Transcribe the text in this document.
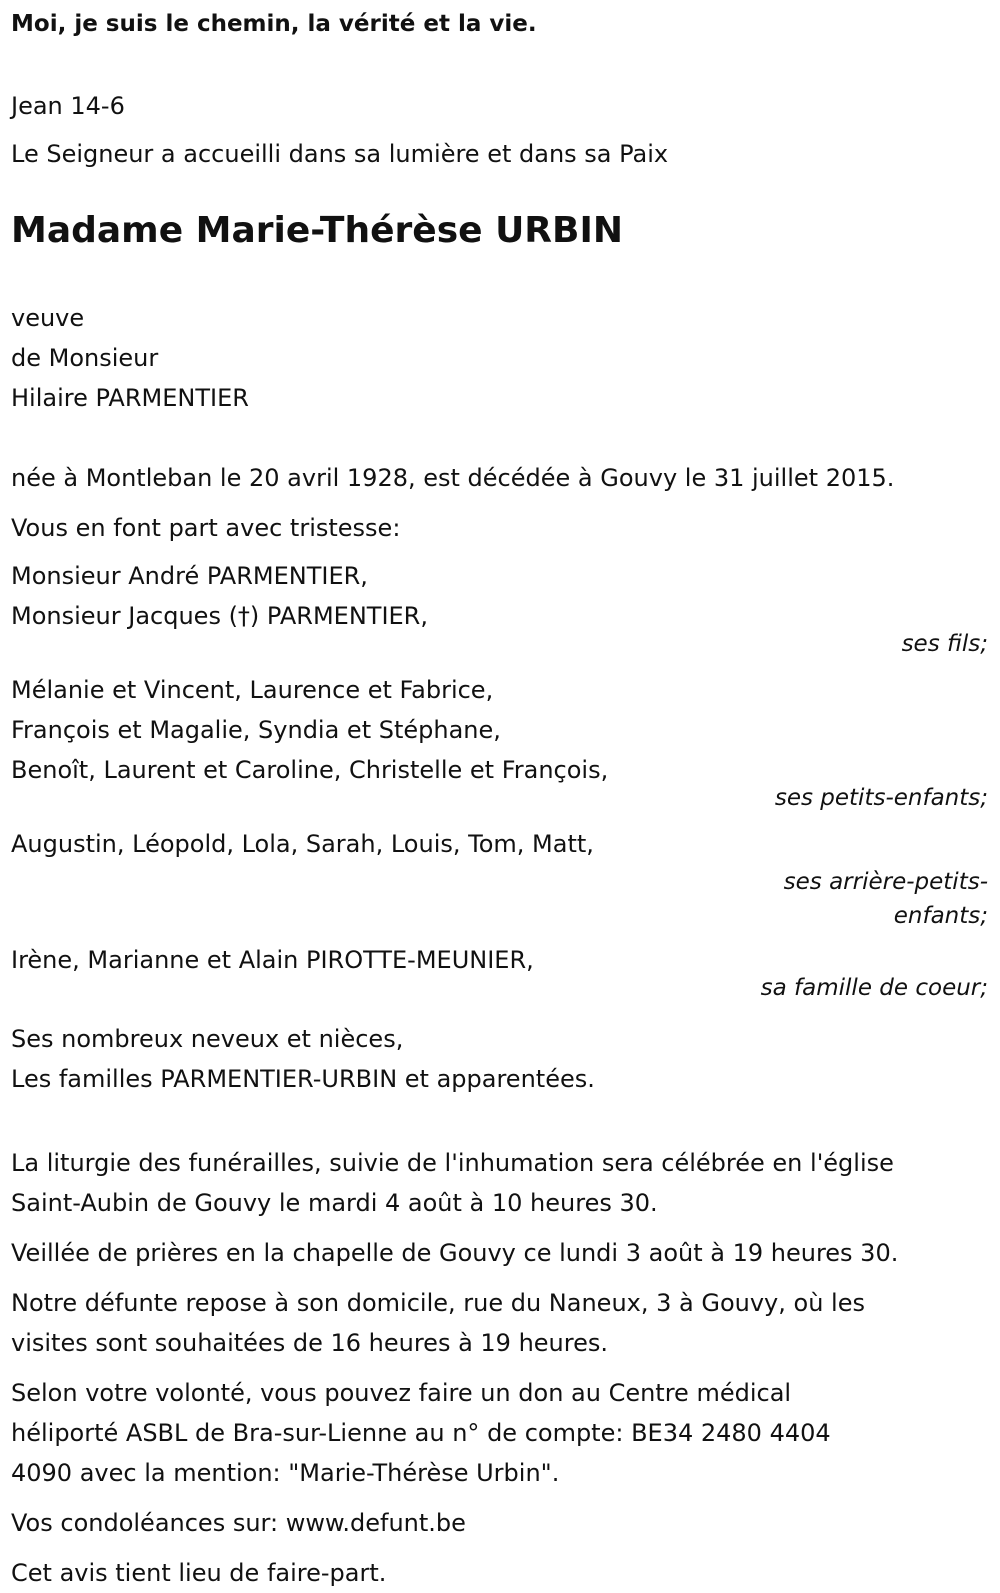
Moi, je suis le chemin, la vérité et la vie.

Jean 14-6

Le Seigneur a accueilli dans sa lumière et dans sa Paix

Madame Marie-Thérèse URBIN

veuve

de Monsieur

Hilaire PARMENTIER

née à Montleban le 20 avril 1928, est décédée à Gouvy le 31 juillet 2015.

Vous en font part avec tristesse:

Monsieur André PARMENTIER,

Monsieur Jacques (†) PARMENTIER,

ses fils;

Mélanie et Vincent, Laurence et Fabrice,

François et Magalie, Syndia et Stéphane,

Benoît, Laurent et Caroline, Christelle et François,

ses petits-enfants;

Augustin, Léopold, Lola, Sarah, Louis, Tom, Matt,

ses arrière-petits-

enfants;

Irène, Marianne et Alain PIROTTE-MEUNIER,

sa famille de coeur;

Ses nombreux neveux et nièces,

Les familles PARMENTIER-URBIN et apparentées.

La liturgie des funérailles, suivie de l'inhumation sera célébrée en l'église

Saint-Aubin de Gouvy le mardi 4 août à 10 heures 30.

Veillée de prières en la chapelle de Gouvy ce lundi 3 août à 19 heures 30.

Notre défunte repose à son domicile, rue du Naneux, 3 à Gouvy, où les

visites sont souhaitées de 16 heures à 19 heures.

Selon votre volonté, vous pouvez faire un don au Centre médical

héliporté ASBL de Bra-sur-Lienne au n° de compte: BE34 2480 4404

4090 avec la mention: "Marie-Thérèse Urbin".

Vos condoléances sur: www.defunt.be

Cet avis tient lieu de faire-part.
